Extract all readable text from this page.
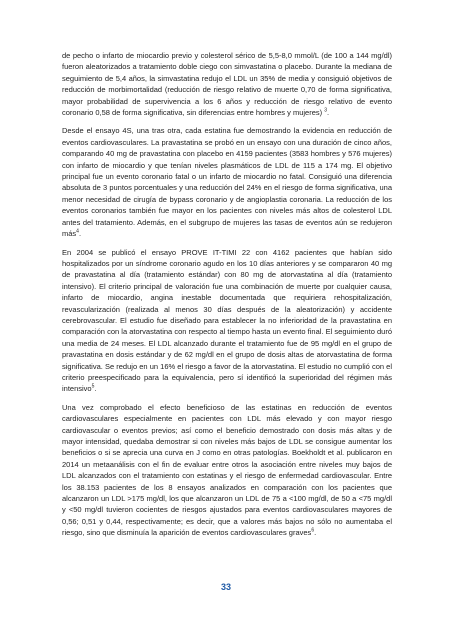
de pecho o infarto de miocardio previo y colesterol sérico de 5,5-8,0 mmol/L (de 100 a 144 mg/dl) fueron aleatorizados a tratamiento doble ciego con simvastatina o placebo. Durante la mediana de seguimiento de 5,4 años, la simvastatina redujo el LDL un 35% de media y consiguió objetivos de reducción de morbimortalidad (reducción de riesgo relativo de muerte 0,70 de forma significativa, mayor probabilidad de supervivencia a los 6 años y reducción de riesgo relativo de evento coronario 0,58 de forma significativa, sin diferencias entre hombres y mujeres) $^3$.

Desde el ensayo 4S, una tras otra, cada estatina fue demostrando la evidencia en reducción de eventos cardiovasculares. La pravastatina se probó en un ensayo con una duración de cinco años, comparando 40 mg de pravastatina con placebo en 4159 pacientes (3583 hombres y 576 mujeres) con infarto de miocardio y que tenían niveles plasmáticos de LDL de 115 a 174 mg. El objetivo principal fue un evento coronario fatal o un infarto de miocardio no fatal. Consiguió una diferencia absoluta de 3 puntos porcentuales y una reducción del 24% en el riesgo de forma significativa, una menor necesidad de cirugía de bypass coronario y de angioplastia coronaria. La reducción de los eventos coronarios también fue mayor en los pacientes con niveles más altos de colesterol LDL antes del tratamiento. Además, en el subgrupo de mujeres las tasas de eventos aún se redujeron más$^4$.

En 2004 se publicó el ensayo PROVE IT-TIMI 22 con 4162 pacientes que habían sido hospitalizados por un síndrome coronario agudo en los 10 días anteriores y se compararon 40 mg de pravastatina al día (tratamiento estándar) con 80 mg de atorvastatina al día (tratamiento intensivo). El criterio principal de valoración fue una combinación de muerte por cualquier causa, infarto de miocardio, angina inestable documentada que requiriera rehospitalización, revascularización (realizada al menos 30 días después de la aleatorización) y accidente cerebrovascular. El estudio fue diseñado para establecer la no inferioridad de la pravastatina en comparación con la atorvastatina con respecto al tiempo hasta un evento final. El seguimiento duró una media de 24 meses. El LDL alcanzado durante el tratamiento fue de 95 mg/dl en el grupo de pravastatina en dosis estándar y de 62 mg/dl en el grupo de dosis altas de atorvastatina de forma significativa. Se redujo en un 16% el riesgo a favor de la atorvastatina. El estudio no cumplió con el criterio preespecificado para la equivalencia, pero sí identificó la superioridad del régimen más intensivo$^5$.

Una vez comprobado el efecto beneficioso de las estatinas en reducción de eventos cardiovasculares especialmente en pacientes con LDL más elevado y con mayor riesgo cardiovascular o eventos previos; así como el beneficio demostrado con dosis más altas y de mayor intensidad, quedaba demostrar si con niveles más bajos de LDL se consigue aumentar los beneficios o si se aprecia una curva en J como en otras patologías. Boekholdt et al. publicaron en 2014 un metaanálisis con el fin de evaluar entre otros la asociación entre niveles muy bajos de LDL alcanzados con el tratamiento con estatinas y el riesgo de enfermedad cardiovascular. Entre los 38.153 pacientes de los 8 ensayos analizados en comparación con los pacientes que alcanzaron un LDL >175 mg/dl, los que alcanzaron un LDL de 75 a <100 mg/dl, de 50 a <75 mg/dl y <50 mg/dl tuvieron cocientes de riesgos ajustados para eventos cardiovasculares mayores de 0,56; 0,51 y 0,44, respectivamente; es decir, que a valores más bajos no sólo no aumentaba el riesgo, sino que disminuía la aparición de eventos cardiovasculares graves$^6$.

33
